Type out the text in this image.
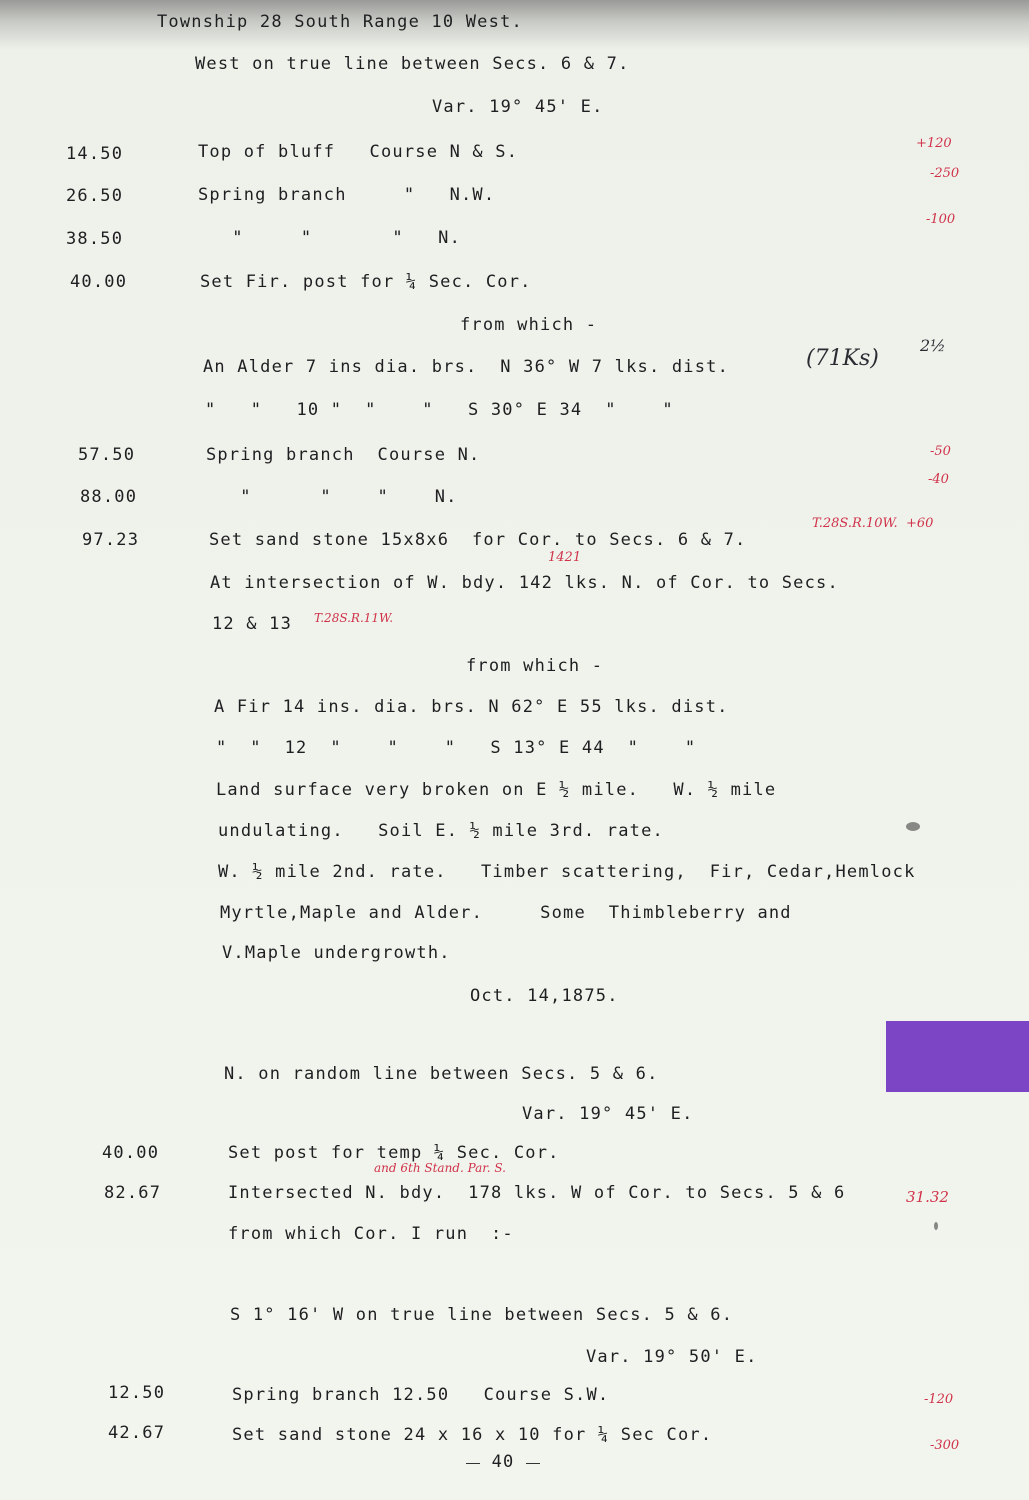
Township 28 South Range 10 West.
West on true line between Secs. 6 & 7.
Var. 19° 45' E.
14.50	Top of bluff   Course N & S.	+120
26.50	Spring branch     "   N.W.
-250
38.50	"     "       "   N.
-100
40.00	Set Fir. post for ¼ Sec. Cor.
from which -
An Alder 7 ins dia. brs.  N 36° W 7 lks. dist.	(71Ks)
2½
"   "   10 "  "    "   S 30° E 34  "    "
57.50	Spring branch  Course N.	-50
88.00	"      "    "    N.
-40
97.23	Set sand stone 15x8x6  for Cor. to Secs. 6 & 7.
T.28S.R.10W.  +60
At intersection of W. bdy. 142 lks. N. of Cor. to Secs.
1421
12 & 13 T.28S.R.11W.
from which -
A Fir 14 ins. dia. brs. N 62° E 55 lks. dist.
"  "  12  "    "    "   S 13° E 44  "    "
Land surface very broken on E ½ mile.   W. ½ mile
undulating.   Soil E. ½ mile 3rd. rate.
W. ½ mile 2nd. rate.   Timber scattering,  Fir, Cedar,Hemlock
Myrtle,Maple and Alder.     Some  Thimbleberry and
V.Maple undergrowth.
Oct. 14,1875.
N. on random line between Secs. 5 & 6.
Var. 19° 45' E.
40.00	Set post for temp ¼ Sec. Cor.
and 6th Stand. Par. S.
82.67	Intersected N. bdy.  178 lks. W of Cor. to Secs. 5 & 6	31.32
from which Cor. I run  :-
S 1° 16' W on true line between Secs. 5 & 6.
Var. 19° 50' E.
12.50	Spring branch 12.50   Course S.W.	-120
42.67	Set sand stone 24 x 16 x 10 for ¼ Sec Cor.
-300
40
